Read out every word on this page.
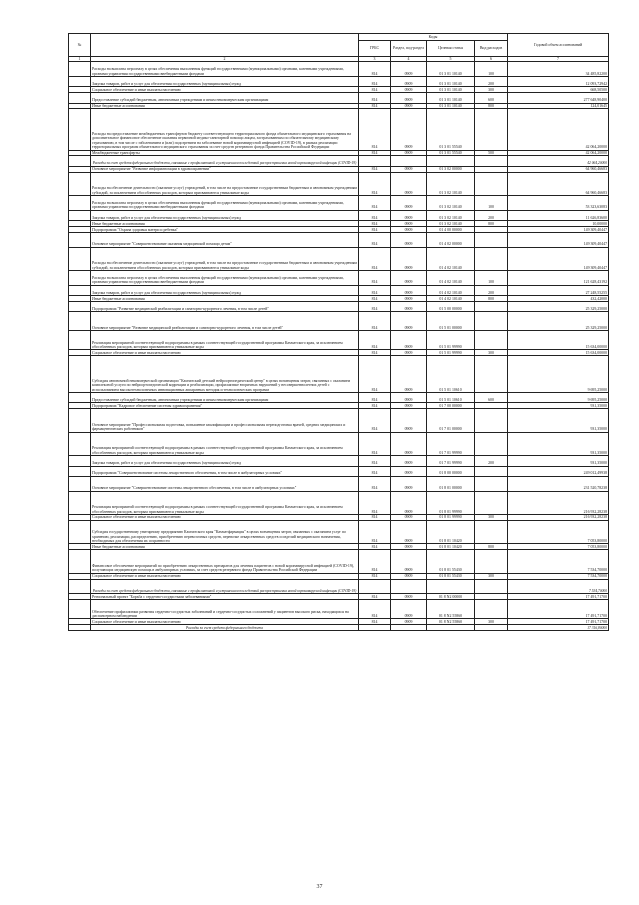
№		Коды				Годовой объем ассигнований
		ГРБС	Раздел, под-раздел	Целевая статья	Вид расходов	
1	2	3	4	5	6	7
	Расходы на выплаты персоналу в целях обеспечения выполнения функций государственными (муниципальными) органами, казенными учреждениями, органами управления государственными внебюджетными фондами	814	0909	01 3 01 10140	100	34 485,82200
	Закупка товаров, работ и услуг для обеспечения государственных (муниципальных) нужд	814	0909	01 3 01 10140	200	12 093,72942
	Социальное обеспечение и иные выплаты населению	814	0909	01 3 01 10140	300	668,50500
	Предоставление субсидий бюджетным, автономным учреждениям и иным некоммерческим организациям	814	0909	01 3 01 10140	600	277 648,90400
	Иные бюджетные ассигнования	814	0909	01 3 01 10140	800	124,01645
	Расходы на предоставление межбюджетных трансфертов бюджету соответствующего территориального фонда обязательного медицинского страхования на дополнительное финансовое обеспечение оказания первичной медико-санитарной помощи лицам, застрахованным по обязательному медицинскому страхованию, в том числе с заболеванием и (или) подозрением на заболевание новой коронавирусной инфекцией (COVID-19), в рамках реализации территориальных программ обязательного медицинского страхования за счет средств резервного фонда Правительства Российской Федерации	814	0909	01 3 01 55540		42 064,20000
	Межбюджетные трансферты	814	0909	01 3 01 55540	500	42 064,20000
	Расходы за счет средств федерального бюджета, связанные с профилактикой и устранением последствий распространения новой коронавирусной инфекции (COVID-19)					42 064,20000
	Основное мероприятие "Развитие информатизации в здравоохранении"	814	0909	01 3 02 00000		64 960,46683
	Расходы на обеспечение деятельности (оказание услуг) учреждений, в том числе на предоставление государственным бюджетным и автономным учреждениям субсидий, за исключением обособленных расходов, которым присваиваются уникальные коды	814	0909	01 3 02 10140		64 960,46683
	Расходы на выплаты персоналу в целях обеспечения выполнения функций государственными (муниципальными) органами, казенными учреждениями, органами управления государственными внебюджетными фондами	814	0909	01 3 02 10140	100	53 323,63083
	Закупка товаров, работ и услуг для обеспечения государственных (муниципальных) нужд	814	0909	01 3 02 10140	200	11 626,83600
	Иные бюджетные ассигнования	814	0909	01 3 02 10140	800	10,00000
	Подпрограмма "Охрана здоровья матери и ребенка"	814	0909	01 4 00 00000		149 309,40447
	Основное мероприятие "Совершенствование оказания медицинской помощи детям"	814	0909	01 4 02 00000		149 309,40447
	Расходы на обеспечение деятельности (оказание услуг) учреждений, в том числе на предоставление государственным бюджетным и автономным учреждениям субсидий, за исключением обособленных расходов, которым присваиваются уникальные коды	814	0909	01 4 02 10140		149 309,40447
	Расходы на выплаты персоналу в целях обеспечения выполнения функций государственными (муниципальными) органами, казенными учреждениями, органами управления государственными внебюджетными фондами	814	0909	01 4 02 10140	100	121 628,43192
	Закупка товаров, работ и услуг для обеспечения государственных (муниципальных) нужд	814	0909	01 4 02 10140	200	27 248,55255
	Иные бюджетные ассигнования	814	0909	01 4 02 10140	800	432,42000
	Подпрограмма "Развитие медицинской реабилитации и санаторно-курортного лечения, в том числе детей"	814	0909	01 5 00 00000		25 329,25000
	Основное мероприятие "Развитие медицинской реабилитации и санаторно-курортного лечения, в том числе детей"	814	0909	01 5 01 00000		25 329,25000
	Реализация мероприятий соответствующей подпрограммы в рамках соответствующей государственной программы Камчатского края, за исключением обособленных расходов, которым присваиваются уникальные коды	814	0909	01 5 01 99990		15 634,00000
	Социальное обеспечение и иные выплаты населению	814	0909	01 5 01 99990	300	15 634,00000
	Субсидия автономной некоммерческой организации "Камчатский детский нейроортопедический центр" в целях возмещения затрат, связанных с оказанием комплексной услуги по нейроортопедической коррекции и реабилитации, профилактике вторичных нарушений у несовершеннолетних детей с использованием высокотехнологичных инновационных аппаратных методик и технологических программ	814	0909	01 5 01 10610		9 695,25000
	Предоставление субсидий бюджетным, автономным учреждениям и иным некоммерческим организациям	814	0909	01 5 01 10610	600	9 695,25000
	Подпрограмма "Кадровое обеспечение системы здравоохранения"	814	0909	01 7 00 00000		931,35000
	Основное мероприятие "Профессиональная подготовка, повышение квалификации и профессиональная переподготовка врачей, средних медицинских и фармацевтических работников"	814	0909	01 7 01 00000		931,35000
	Реализация мероприятий соответствующей подпрограммы в рамках соответствующей государственной программы Камчатского края, за исключением обособленных расходов, которым присваиваются уникальные коды	814	0909	01 7 01 99990		931,35000
	Закупка товаров, работ и услуг для обеспечения государственных (муниципальных) нужд	814	0909	01 7 01 99990	200	931,35000
	Подпрограмма "Совершенствование системы лекарственного обеспечения, в том числе в амбулаторных условиях"	814	0909	01 8 00 00000		249 012,49938
	Основное мероприятие "Совершенствование системы лекарственного обеспечения, в том числе в амбулаторных условиях"	814	0909	01 8 01 00000		231 520,78238
	Реализация мероприятий соответствующей подпрограммы в рамках соответствующей государственной программы Камчатского края, за исключением обособленных расходов, которым присваиваются уникальные коды	814	0909	01 8 01 99990		216 932,28238
	Социальное обеспечение и иные выплаты населению	814	0909	01 8 01 99990	300	216 932,28238
	Субсидия государственному унитарному предприятию Камчатского края "Камчатфармация" в целях возмещения затрат, связанных с оказанием услуг по хранению, реализации, распределению, приобретению перевозочных средств, перевозке лекарственных средств и изделий медицинского назначения, необходимых для обеспечения их сохранности	814	0909	01 8 01 10420		7 053,80000
	Иные бюджетные ассигнования	814	0909	01 8 01 10420	800	7 053,80000
	Финансовое обеспечение мероприятий по приобретению лекарственных препаратов для лечения пациентов с новой коронавирусной инфекцией (COVID-19), получающих медицинскую помощь в амбулаторных условиях, за счет средств резервного фонда Правительства Российской Федерации	814	0909	01 8 01 55430		7 534,70000
	Социальное обеспечение и иные выплаты населению	814	0909	01 8 01 55430	300	7 534,70000
	Расходы за счет средств федерального бюджета, связанные с профилактикой и устранением последствий распространения новой коронавирусной инфекции (COVID-19)					7 534,70000
	Региональный проект "Борьба с сердечно-сосудистыми заболеваниями"	814	0909	01 8 N2 00000		17 491,71700
	Обеспечение профилактики развития сердечно-сосудистых заболеваний и сердечно-сосудистых осложнений у пациентов высокого риска, находящихся на диспансерном наблюдении	814	0909	01 8 N2 55860		17 491,71700
	Социальное обеспечение и иные выплаты населению	814	0909	01 8 N2 55860	300	17 491,71700
	Расходы за счет средств федерального бюджета					17 316,80000
37
